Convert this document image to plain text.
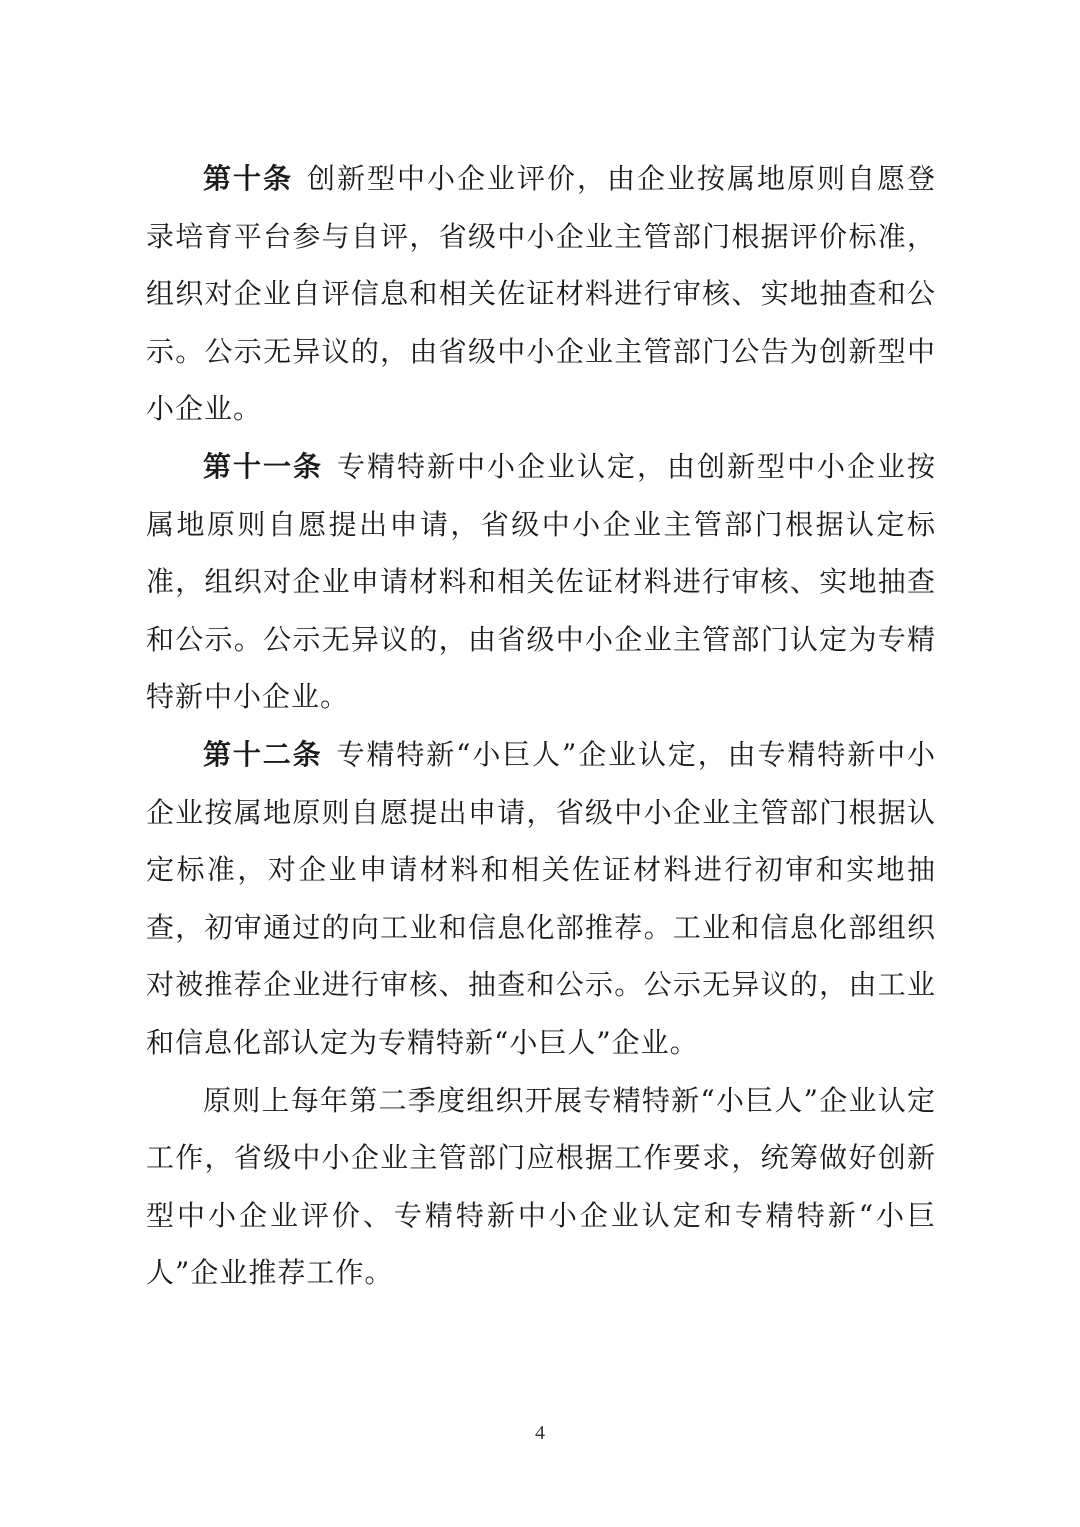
第十条 创新型中小企业评价，由企业按属地原则自愿登录培育平台参与自评，省级中小企业主管部门根据评价标准，组织对企业自评信息和相关佐证材料进行审核、实地抽查和公示。公示无异议的，由省级中小企业主管部门公告为创新型中小企业。

第十一条 专精特新中小企业认定，由创新型中小企业按属地原则自愿提出申请，省级中小企业主管部门根据认定标准，组织对企业申请材料和相关佐证材料进行审核、实地抽查和公示。公示无异议的，由省级中小企业主管部门认定为专精特新中小企业。

第十二条 专精特新“小巨人”企业认定，由专精特新中小企业按属地原则自愿提出申请，省级中小企业主管部门根据认定标准，对企业申请材料和相关佐证材料进行初审和实地抽查，初审通过的向工业和信息化部推荐。工业和信息化部组织对被推荐企业进行审核、抽查和公示。公示无异议的，由工业和信息化部认定为专精特新“小巨人”企业。

原则上每年第二季度组织开展专精特新“小巨人”企业认定工作，省级中小企业主管部门应根据工作要求，统筹做好创新型中小企业评价、专精特新中小企业认定和专精特新“小巨人”企业推荐工作。

4
